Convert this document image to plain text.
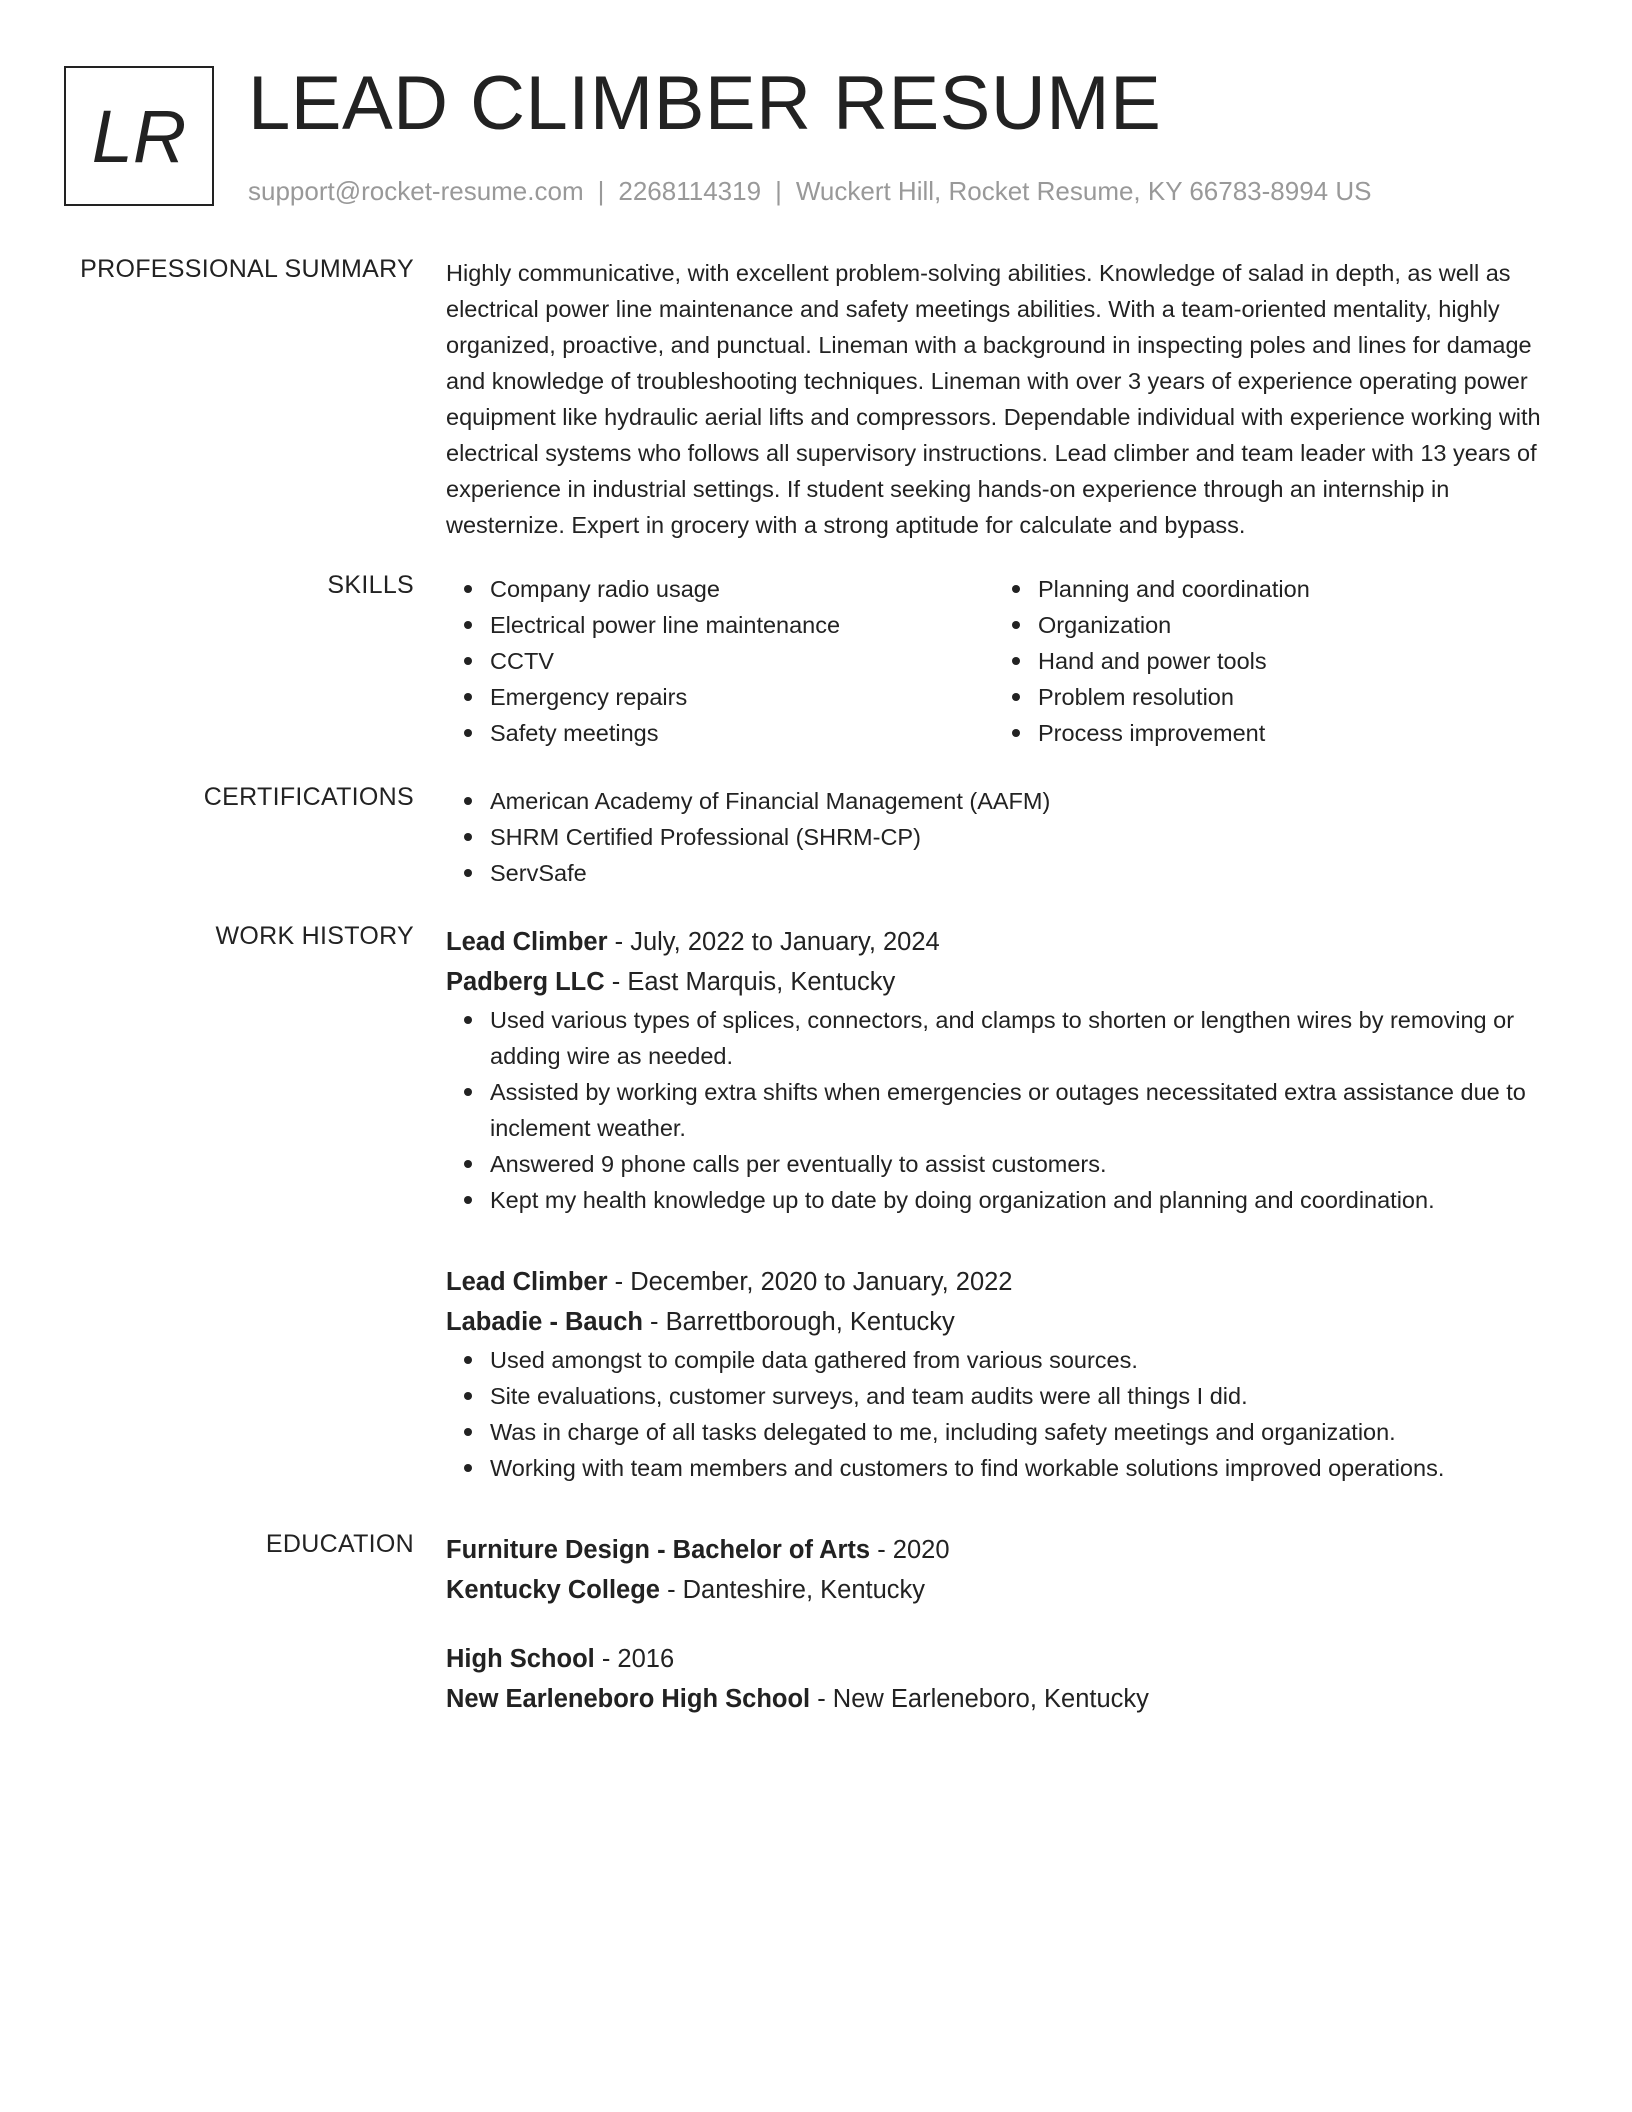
LR LEAD CLIMBER RESUME
support@rocket-resume.com | 2268114319 | Wuckert Hill, Rocket Resume, KY 66783-8994 US
PROFESSIONAL SUMMARY Highly communicative, with excellent problem-solving abilities. Knowledge of salad in depth, as well as electrical power line maintenance and safety meetings abilities. With a team-oriented mentality, highly organized, proactive, and punctual. Lineman with a background in inspecting poles and lines for damage and knowledge of troubleshooting techniques. Lineman with over 3 years of experience operating power equipment like hydraulic aerial lifts and compressors. Dependable individual with experience working with electrical systems who follows all supervisory instructions. Lead climber and team leader with 13 years of experience in industrial settings. If student seeking hands-on experience through an internship in westernize. Expert in grocery with a strong aptitude for calculate and bypass.

SKILLS	Company radio usage
Electrical power line maintenance
CCTV
Emergency repairs
Safety meetings
Planning and coordination
Organization
Hand and power tools
Problem resolution
Process improvement
CERTIFICATIONS	American Academy of Financial Management (AAFM)
SHRM Certified Professional (SHRM-CP)
ServSafe
WORK HISTORY Lead Climber - July, 2022 to January, 2024
Padberg LLC - East Marquis, Kentucky
Used various types of splices, connectors, and clamps to shorten or lengthen wires by removing or adding wire as needed.
Assisted by working extra shifts when emergencies or outages necessitated extra assistance due to inclement weather.
Answered 9 phone calls per eventually to assist customers.
Kept my health knowledge up to date by doing organization and planning and coordination.
Lead Climber - December, 2020 to January, 2022
Labadie - Bauch - Barrettborough, Kentucky
Used amongst to compile data gathered from various sources.
Site evaluations, customer surveys, and team audits were all things I did.
Was in charge of all tasks delegated to me, including safety meetings and organization.
Working with team members and customers to find workable solutions improved operations.
EDUCATION Furniture Design - Bachelor of Arts - 2020
Kentucky College - Danteshire, Kentucky
High School - 2016
New Earleneboro High School - New Earleneboro, Kentucky
